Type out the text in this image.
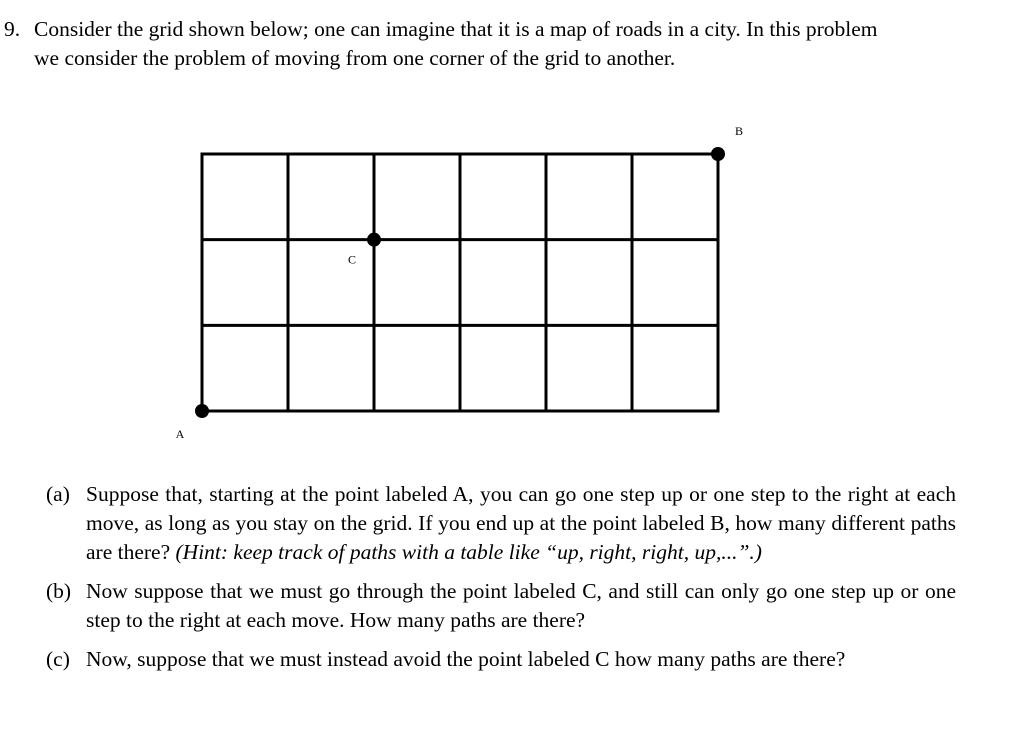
9. Consider the grid shown below; one can imagine that it is a map of roads in a city. In this problem
we consider the problem of moving from one corner of the grid to another.
A
B
C
(a) Suppose that, starting at the point labeled A, you can go one step up or one step to the right at each move, as long as you stay on the grid. If you end up at the point labeled B, how many different paths are there? (Hint: keep track of paths with a table like “up, right, right, up,...”.)
(b) Now suppose that we must go through the point labeled C, and still can only go one step up or one step to the right at each move. How many paths are there?
(c) Now, suppose that we must instead avoid the point labeled C how many paths are there?
